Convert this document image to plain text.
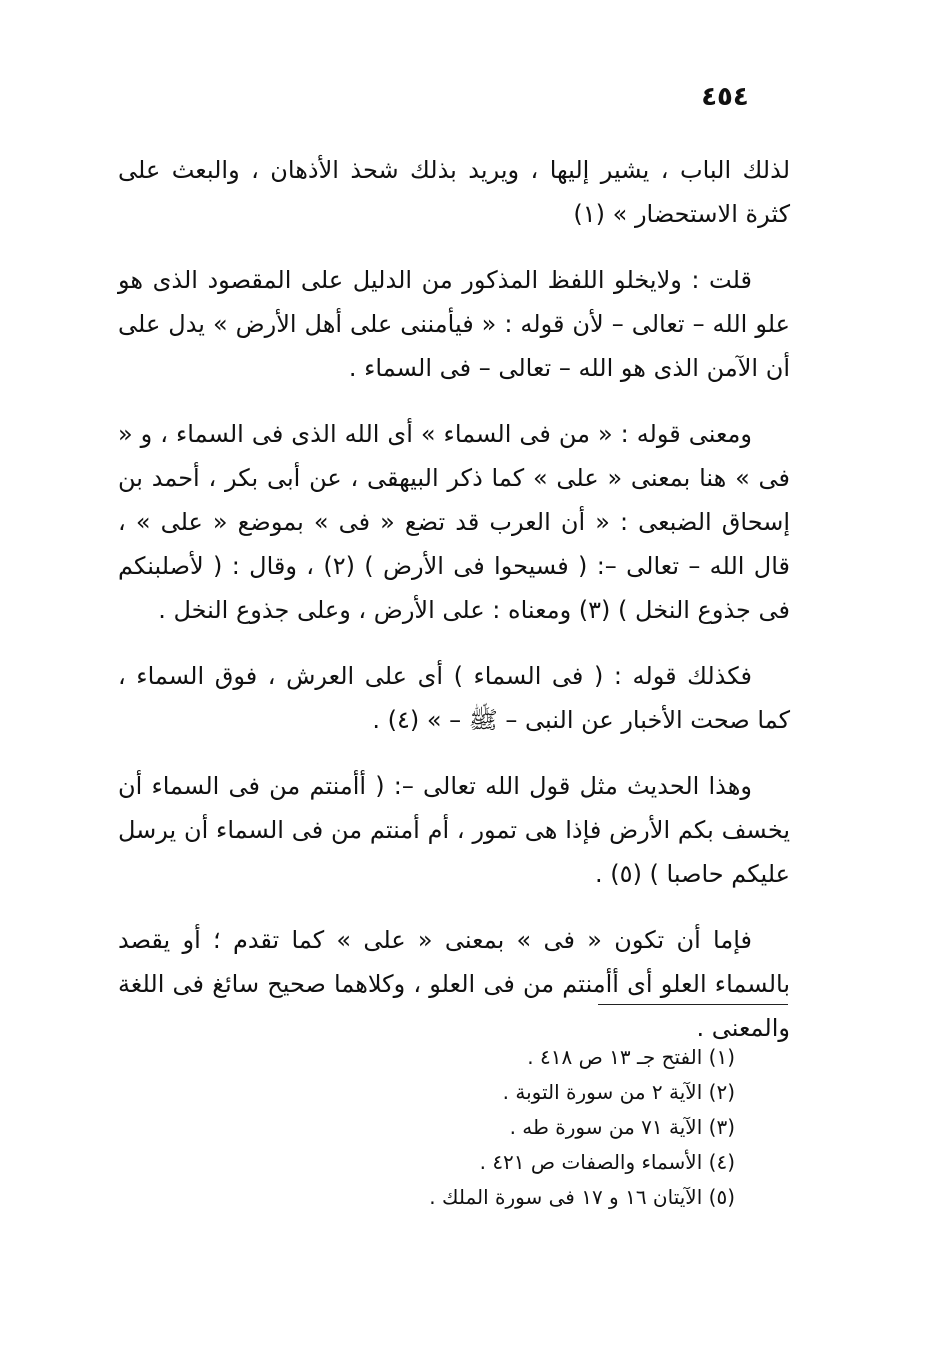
٤٥٤

لذلك الباب ، يشير إليها ، ويريد بذلك شحذ الأذهان ، والبعث على كثرة الاستحضار » (١)

قلت : ولايخلو اللفظ المذكور من الدليل على المقصود الذى هو علو الله – تعالى – لأن قوله : « فيأمننى على أهل الأرض » يدل على أن الآمن الذى هو الله – تعالى – فى السماء .

ومعنى قوله : « من فى السماء » أى الله الذى فى السماء ، و « فى » هنا بمعنى « على » كما ذكر البيهقى ، عن أبى بكر ، أحمد بن إسحاق الضبعى : « أن العرب قد تضع « فى » بموضع « على » ، قال الله – تعالى –: ( فسيحوا فى الأرض ) (٢) ، وقال : ( لأصلبنكم فى جذوع النخل ) (٣) ومعناه : على الأرض ، وعلى جذوع النخل .

فكذلك قوله : ( فى السماء ) أى على العرش ، فوق السماء ، كما صحت الأخبار عن النبى – ﷺ – » (٤) .

وهذا الحديث مثل قول الله تعالى –: ( أأمنتم من فى السماء أن يخسف بكم الأرض فإذا هى تمور ، أم أمنتم من فى السماء أن يرسل عليكم حاصبا ) (٥) .

فإما أن تكون « فى » بمعنى « على » كما تقدم ؛ أو يقصد بالسماء العلو أى أأمنتم من فى العلو ، وكلاهما صحيح سائغ فى اللغة والمعنى .

(١) الفتح جـ ١٣ ص ٤١٨ .
(٢) الآية ٢ من سورة التوبة .
(٣) الآية ٧١ من سورة طه .
(٤) الأسماء والصفات ص ٤٢١ .
(٥) الآيتان ١٦ و ١٧ فى سورة الملك .
